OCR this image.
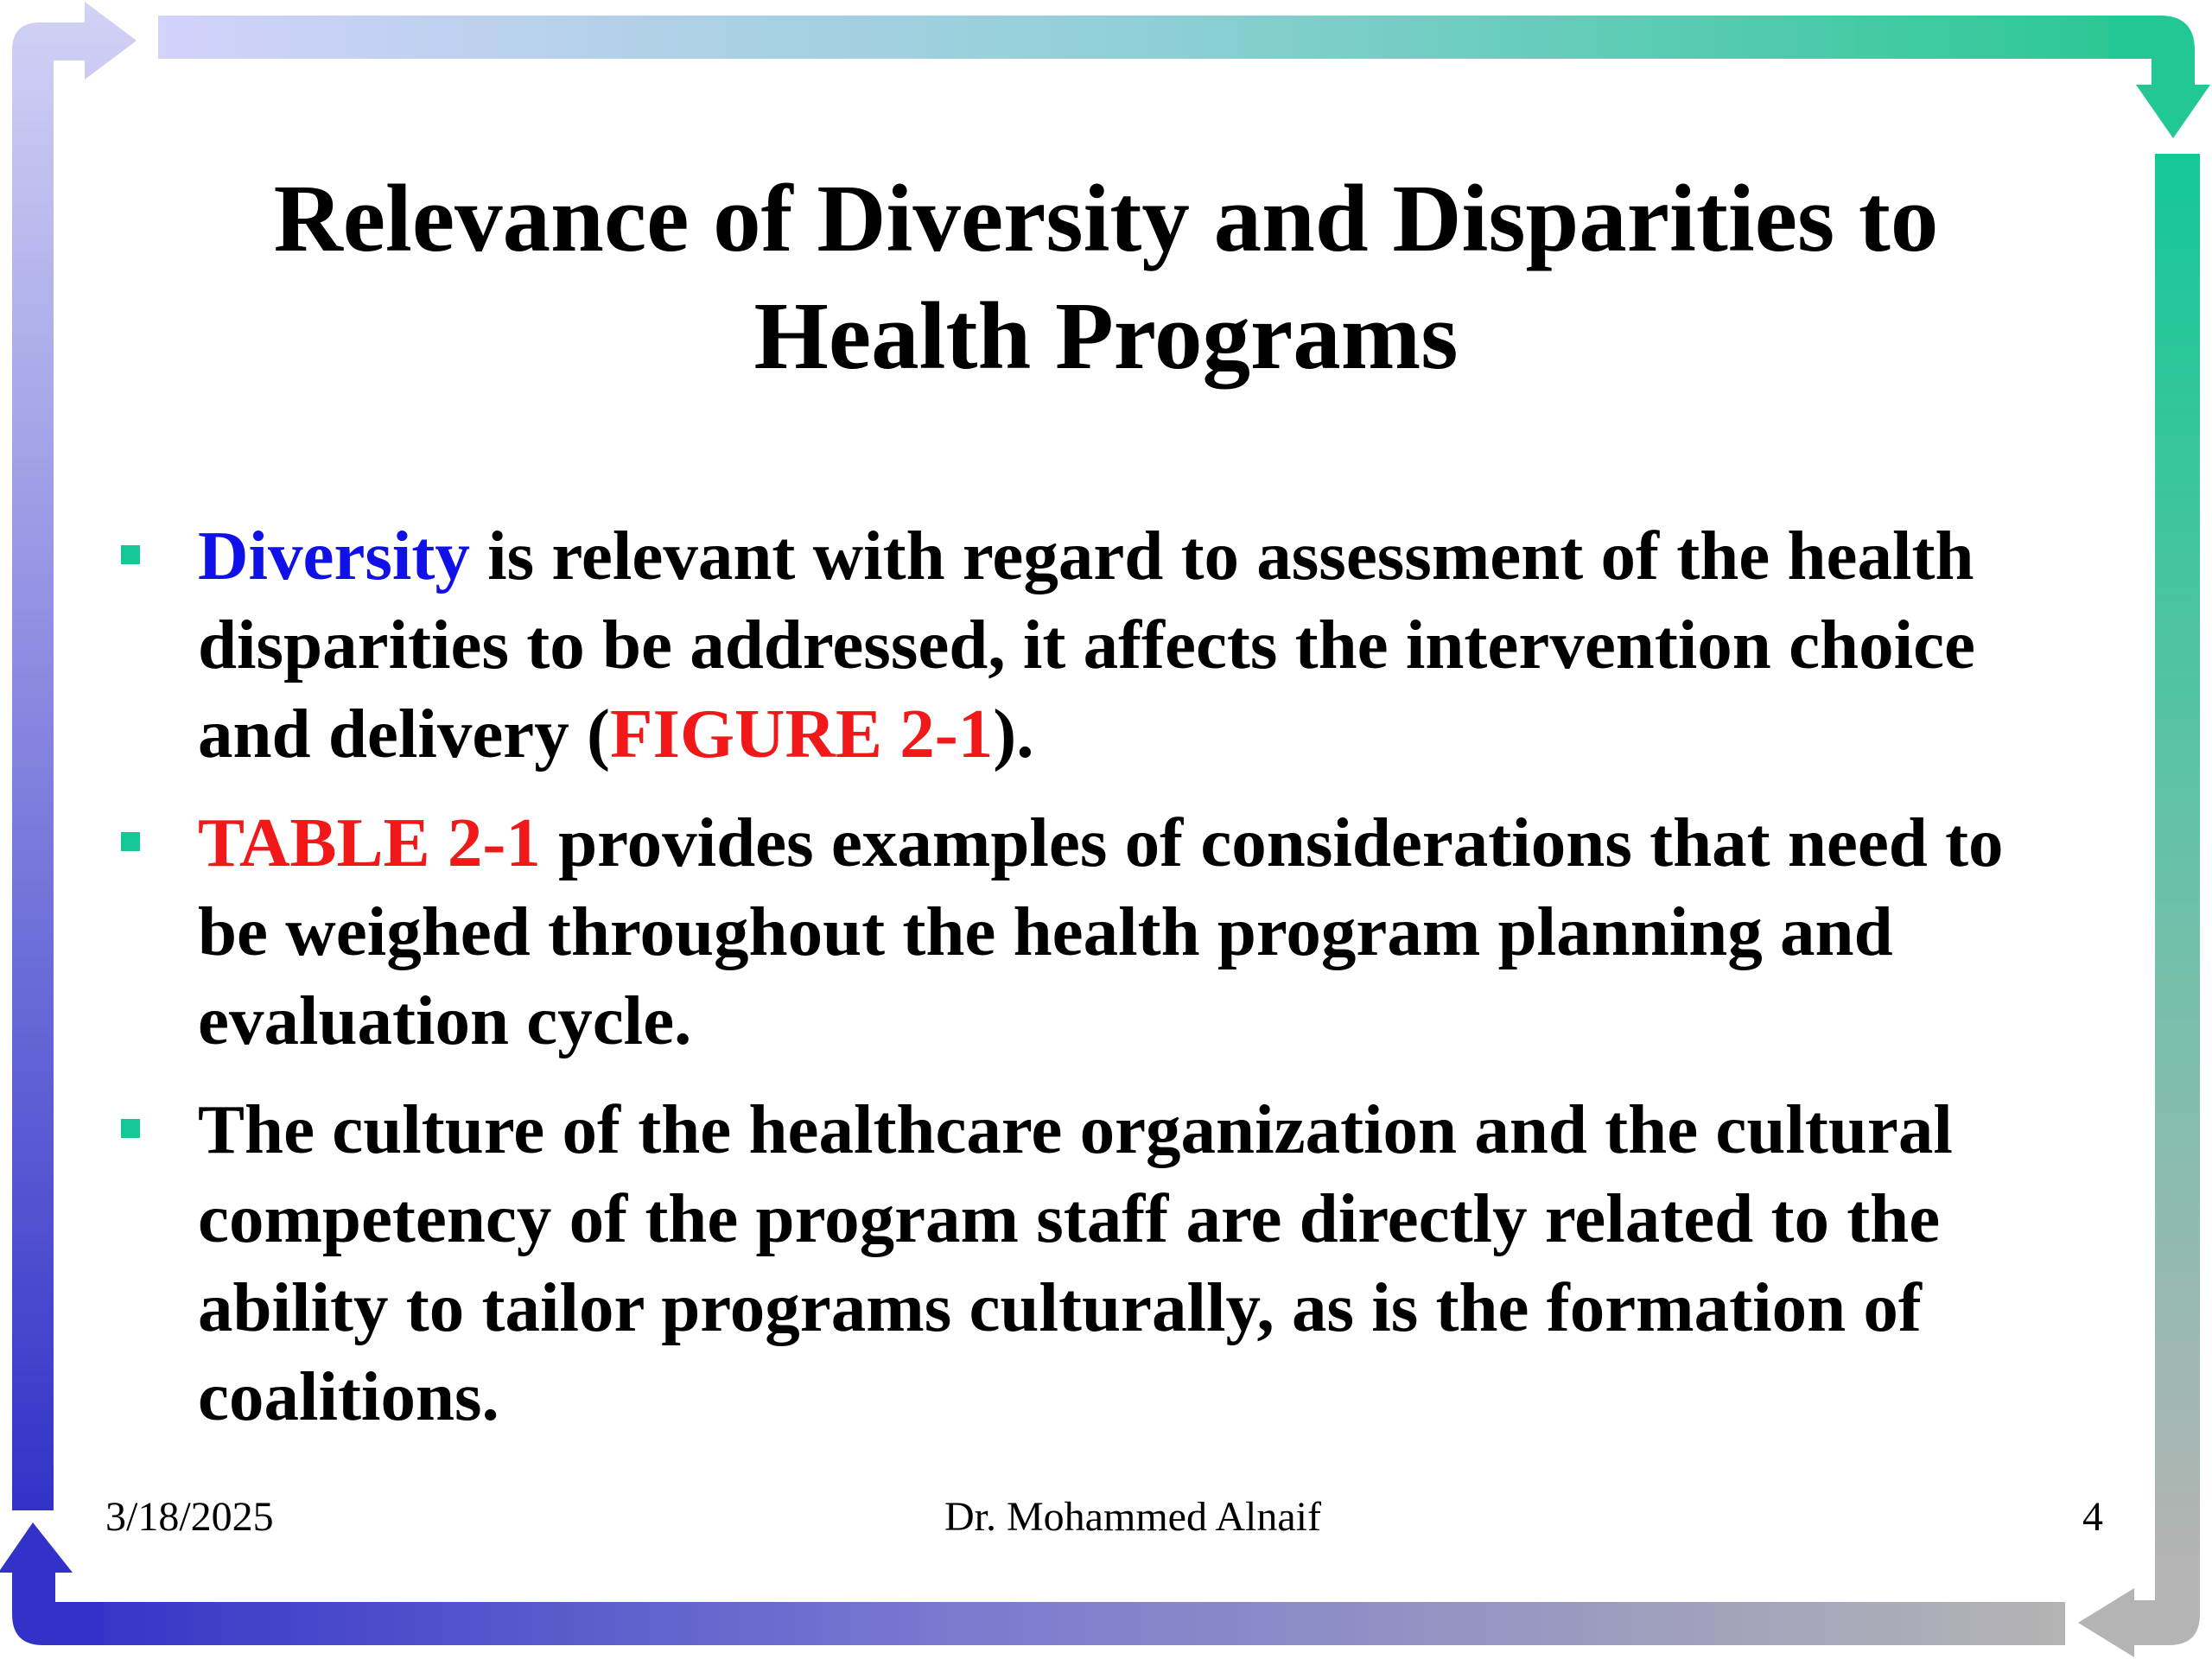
Relevance of Diversity and Disparities to
Health Programs
Diversity is relevant with regard to assessment of the health disparities to be addressed, it affects the intervention choice and delivery (FIGURE 2-1).
TABLE 2-1 provides examples of considerations that need to be weighed throughout the health program planning and evaluation cycle.
The culture of the healthcare organization and the cultural competency of the program staff are directly related to the ability to tailor programs culturally, as is the formation of coalitions.
3/18/2025	Dr. Mohammed Alnaif	4
